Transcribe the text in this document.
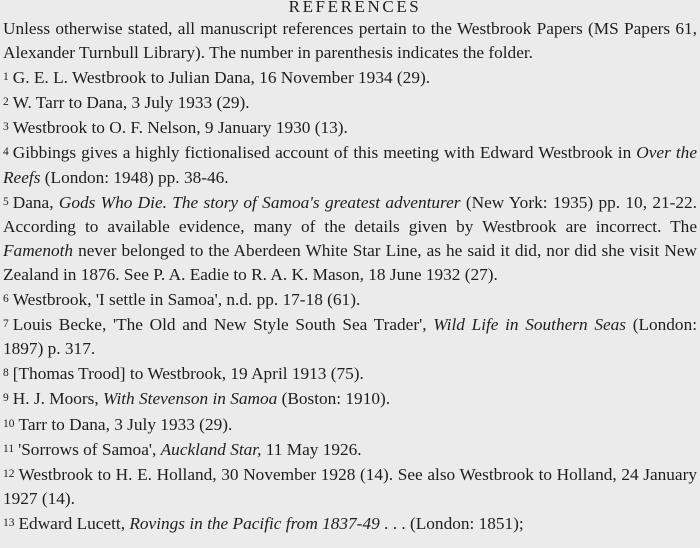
REFERENCES

Unless otherwise stated, all manuscript references pertain to the Westbrook Papers (MS Papers 61, Alexander Turnbull Library). The number in parenthesis indicates the folder.

1 G. E. L. Westbrook to Julian Dana, 16 November 1934 (29).

2 W. Tarr to Dana, 3 July 1933 (29).

3 Westbrook to O. F. Nelson, 9 January 1930 (13).

4 Gibbings gives a highly fictionalised account of this meeting with Edward Westbrook in Over the Reefs (London: 1948) pp. 38-46.

5 Dana, Gods Who Die. The story of Samoa's greatest adventurer (New York: 1935) pp. 10, 21-22. According to available evidence, many of the details given by Westbrook are incorrect. The Famenoth never belonged to the Aberdeen White Star Line, as he said it did, nor did she visit New Zealand in 1876. See P. A. Eadie to R. A. K. Mason, 18 June 1932 (27).

6 Westbrook, 'I settle in Samoa', n.d. pp. 17-18 (61).

7 Louis Becke, 'The Old and New Style South Sea Trader', Wild Life in Southern Seas (London: 1897) p. 317.

8 [Thomas Trood] to Westbrook, 19 April 1913 (75).

9 H. J. Moors, With Stevenson in Samoa (Boston: 1910).

10 Tarr to Dana, 3 July 1933 (29).

11 'Sorrows of Samoa', Auckland Star, 11 May 1926.

12 Westbrook to H. E. Holland, 30 November 1928 (14). See also Westbrook to Holland, 24 January 1927 (14).

13 Edward Lucett, Rovings in the Pacific from 1837-49 . . . (London: 1851);
